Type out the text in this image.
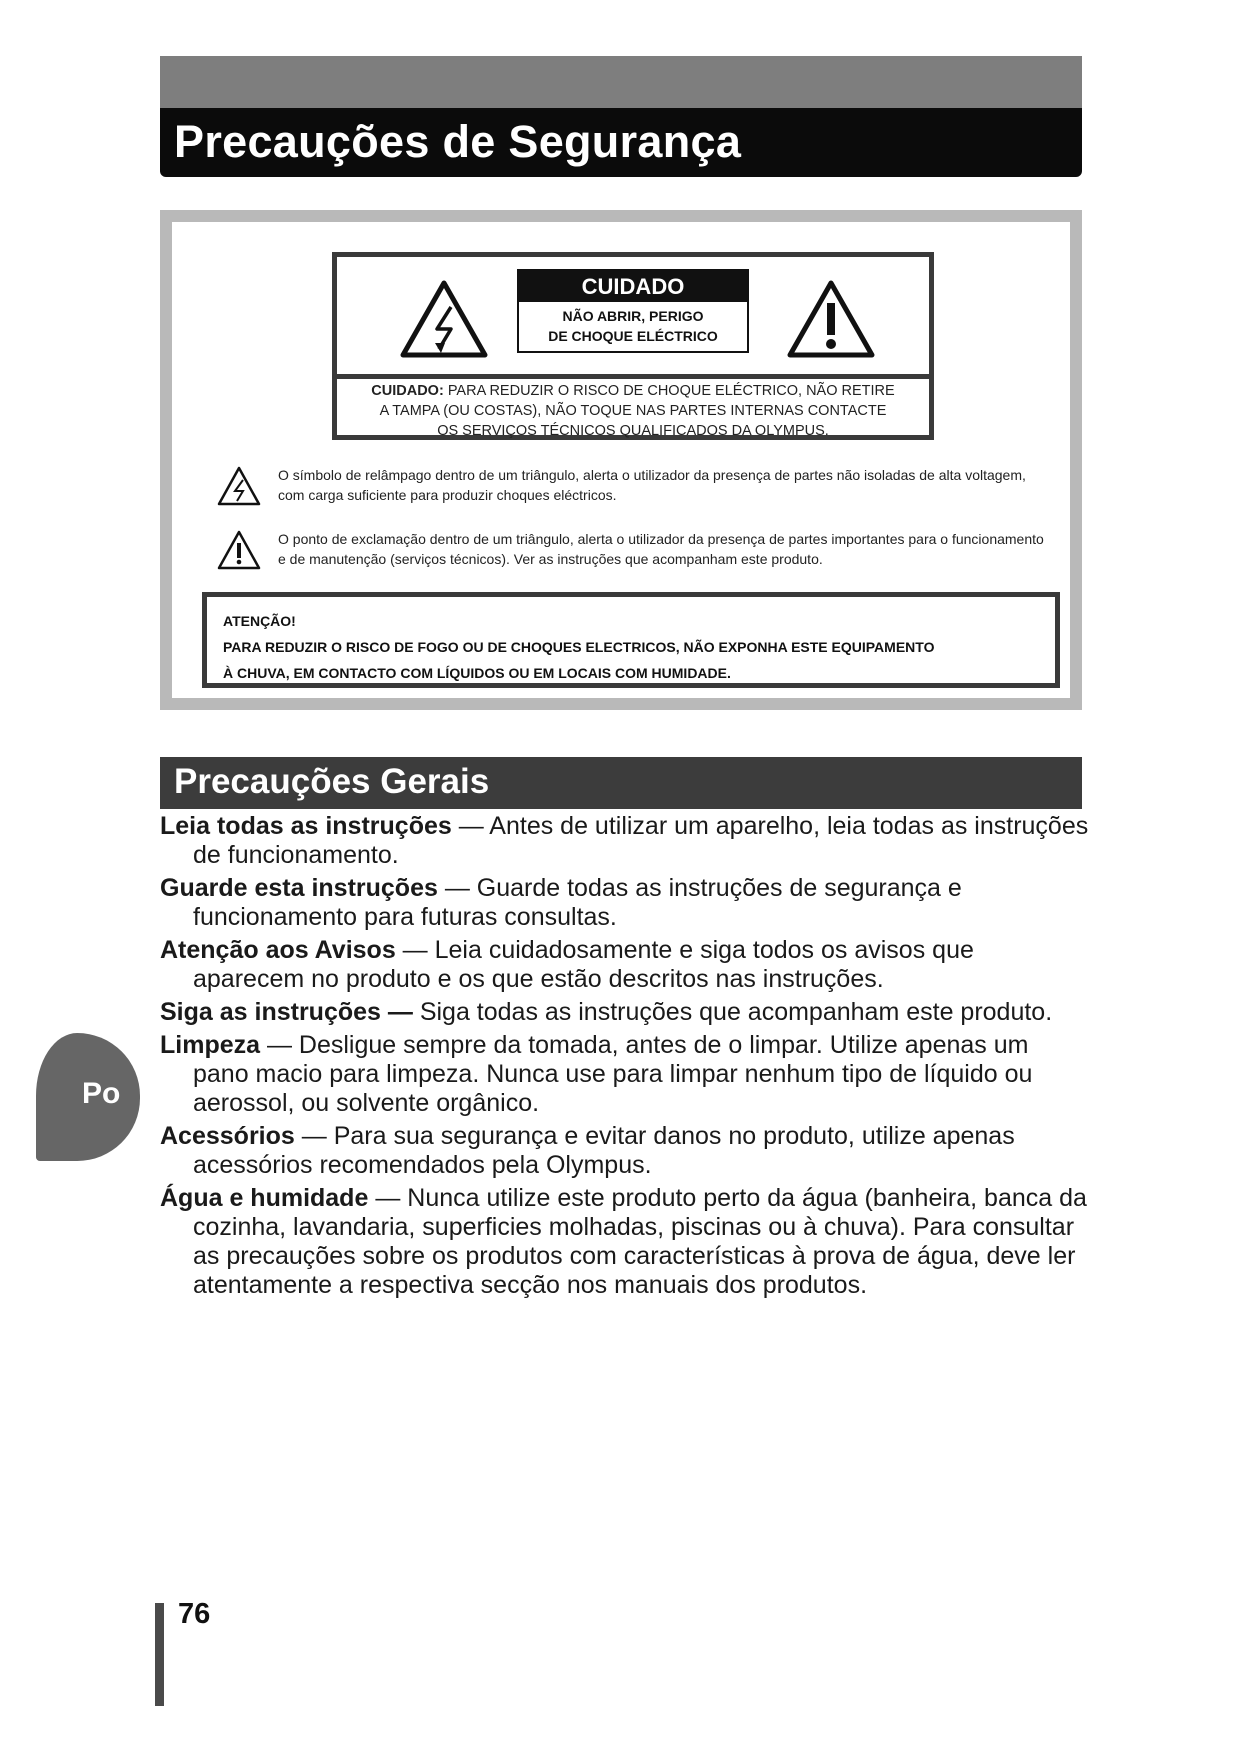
Precauções de Segurança
CUIDADO
NÃO ABRIR, PERIGO
DE CHOQUE ELÉCTRICO
CUIDADO: PARA REDUZIR O RISCO DE CHOQUE ELÉCTRICO, NÃO RETIRE
A TAMPA (OU COSTAS), NÃO TOQUE NAS PARTES INTERNAS CONTACTE
OS SERVIÇOS TÉCNICOS QUALIFICADOS DA OLYMPUS.
O símbolo de relâmpago dentro de um triângulo, alerta o utilizador da presença de partes não isoladas de alta voltagem, com carga suficiente para produzir choques eléctricos.
O ponto de exclamação dentro de um triângulo, alerta o utilizador da presença de partes importantes para o funcionamento e de manutenção (serviços técnicos). Ver as instruções que acompanham este produto.
ATENÇÃO!
PARA REDUZIR O RISCO DE FOGO OU DE CHOQUES ELECTRICOS, NÃO EXPONHA ESTE EQUIPAMENTO
À CHUVA, EM CONTACTO COM LÍQUIDOS OU EM LOCAIS COM HUMIDADE.
Precauções Gerais

Leia todas as instruções — Antes de utilizar um aparelho, leia todas as instruções de funcionamento.

Guarde esta instruções — Guarde todas as instruções de segurança e funcionamento para futuras consultas.

Atenção aos Avisos — Leia cuidadosamente e siga todos os avisos que aparecem no produto e os que estão descritos nas instruções.

Siga as instruções — Siga todas as instruções que acompanham este produto.

Limpeza — Desligue sempre da tomada, antes de o limpar. Utilize apenas um pano macio para limpeza. Nunca use para limpar nenhum tipo de líquido ou aerossol, ou solvente orgânico.

Acessórios — Para sua segurança e evitar danos no produto, utilize apenas acessórios recomendados pela Olympus.

Água e humidade — Nunca utilize este produto perto da água (banheira, banca da cozinha, lavandaria, superficies molhadas, piscinas ou à chuva). Para consultar as precauções sobre os produtos com características à prova de água, deve ler atentamente a respectiva secção nos manuais dos produtos.

Po
76
